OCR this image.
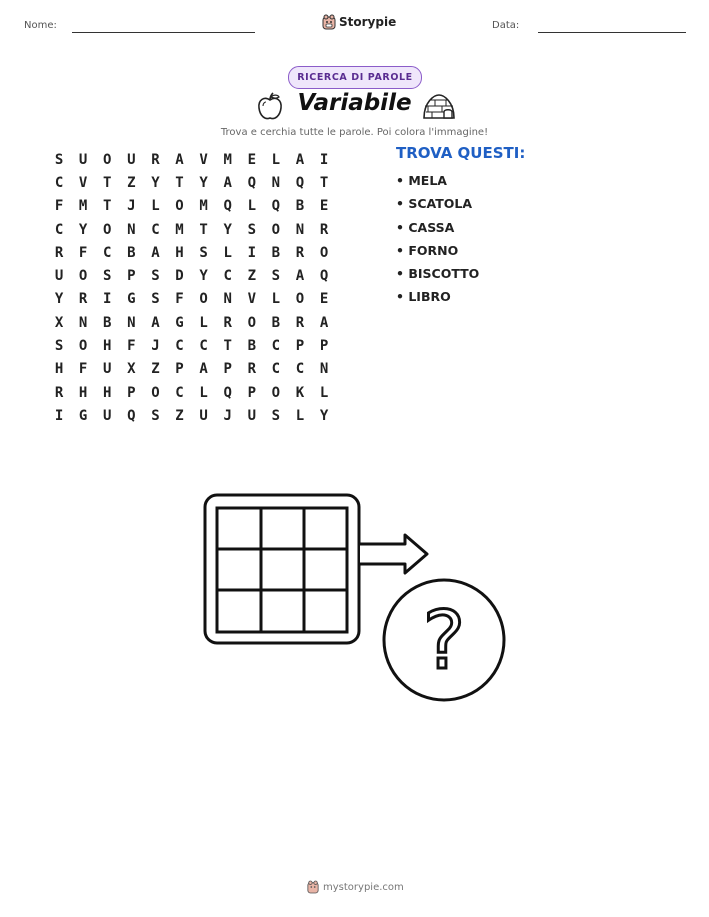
Nome:	Storypie	Data:
RICERCA DI PAROLE
Variabile
Trova e cerchia tutte le parole. Poi colora l'immagine!
S	U	O	U	R	A	V	M	E	L	A	I
C	V	T	Z	Y	T	Y	A	Q	N	Q	T
F	M	T	J	L	O	M	Q	L	Q	B	E
C	Y	O	N	C	M	T	Y	S	O	N	R
R	F	C	B	A	H	S	L	I	B	R	O
U	O	S	P	S	D	Y	C	Z	S	A	Q
Y	R	I	G	S	F	O	N	V	L	O	E
X	N	B	N	A	G	L	R	O	B	R	A
S	O	H	F	J	C	C	T	B	C	P	P
H	F	U	X	Z	P	A	P	R	C	C	N
R	H	H	P	O	C	L	Q	P	O	K	L
I	G	U	Q	S	Z	U	J	U	S	L	Y
TROVA QUESTI:
• MELA
• SCATOLA
• CASSA
• FORNO
• BISCOTTO
• LIBRO
?
mystorypie.com
